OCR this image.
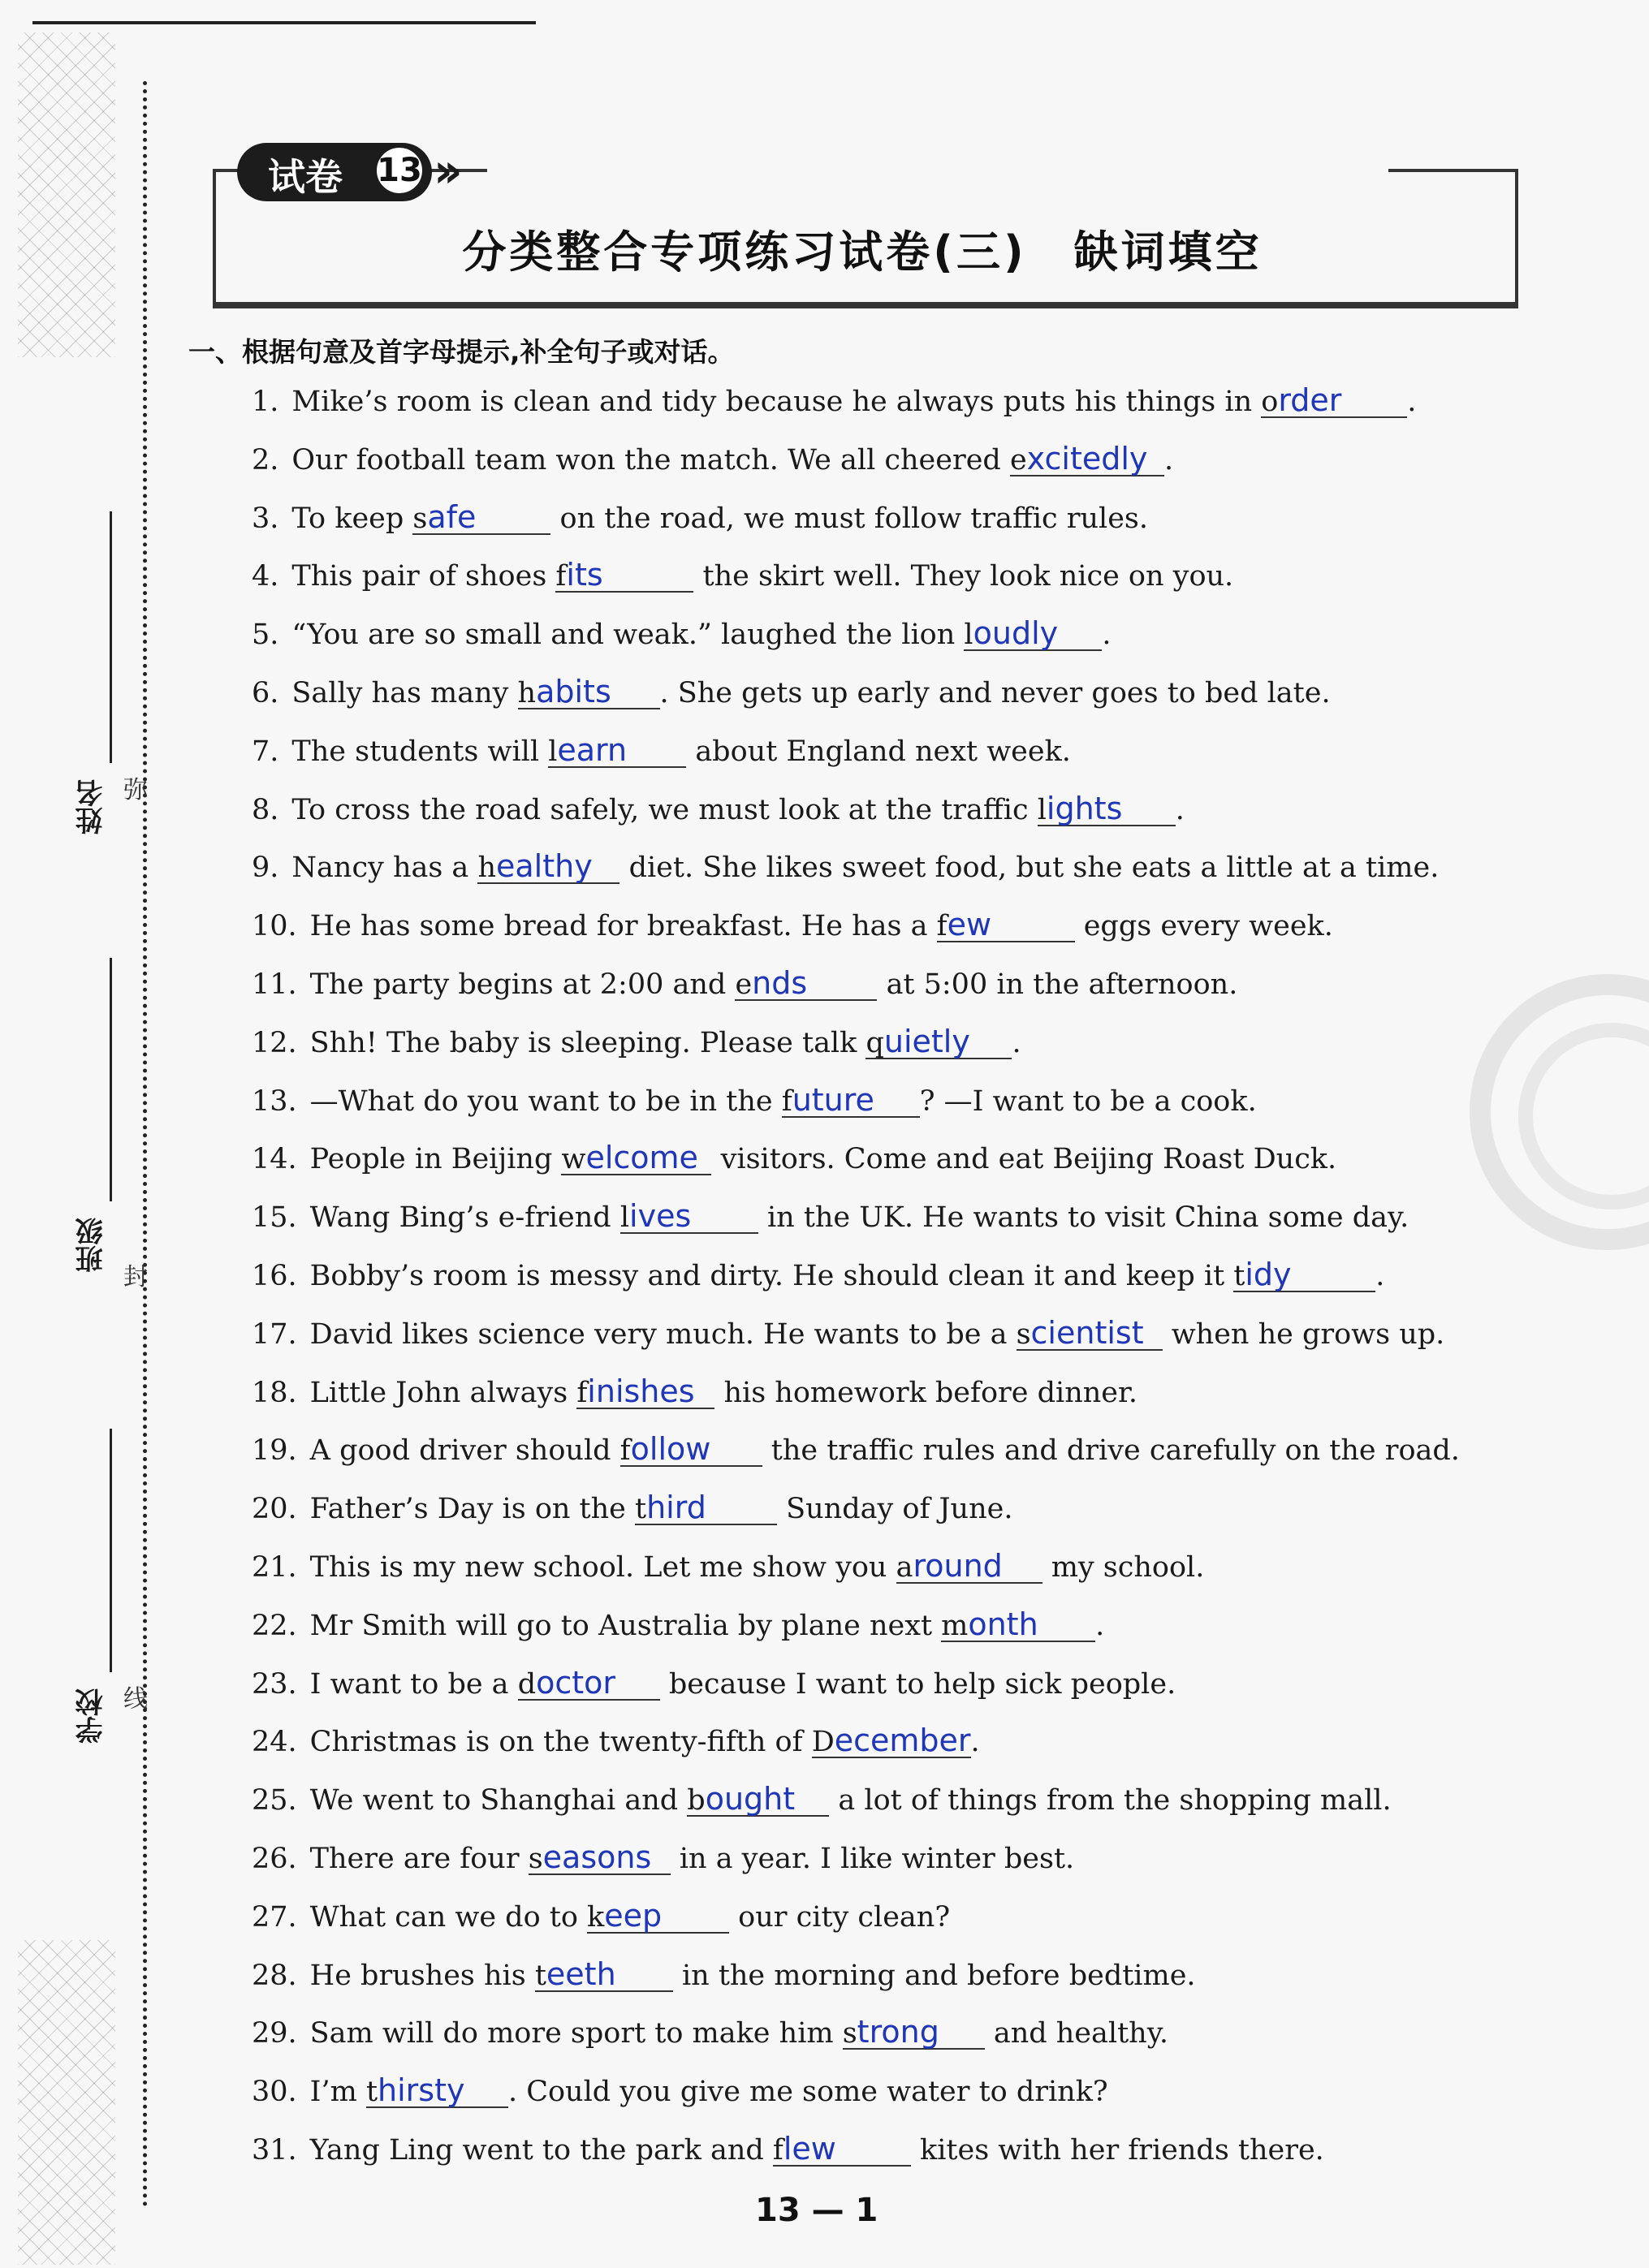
姓名
班级
学校
弥
封
线
试卷 13 ››
分类整合专项练习试卷(三)　缺词填空
一、根据句意及首字母提示,补全句子或对话。
1. Mike’s room is clean and tidy because he always puts his things in order .
2. Our football team won the match. We all cheered excitedly .
3. To keep safe	on the road, we must follow traffic rules.
4. This pair of shoes fits	the skirt well. They look nice on you.
5. “You are so small and weak.” laughed the lion loudly .
6. Sally has many habits . She gets up early and never goes to bed late.
7. The students will learn about England next week.
8. To cross the road safely, we must look at the traffic lights .
9. Nancy has a healthy diet. She likes sweet food, but she eats a little at a time.
10. He has some bread for breakfast. He has a few	eggs every week.
11. The party begins at 2:00 and ends at 5:00 in the afternoon.
12. Shh! The baby is sleeping. Please talk quietly .
13. —What do you want to be in the future ? —I want to be a cook.
14. People in Beijing welcome visitors. Come and eat Beijing Roast Duck.
15. Wang Bing’s e-friend lives in the UK. He wants to visit China some day.
16. Bobby’s room is messy and dirty. He should clean it and keep it tidy	.
17. David likes science very much. He wants to be a scientist when he grows up.
18. Little John always finishes his homework before dinner.
19. A good driver should follow the traffic rules and drive carefully on the road.
20. Father’s Day is on the third Sunday of June.
21. This is my new school. Let me show you around my school.
22. Mr Smith will go to Australia by plane next month .
23. I want to be a doctor because I want to help sick people.
24. Christmas is on the twenty-fifth of December.
25. We went to Shanghai and bought a lot of things from the shopping mall.
26. There are four seasons in a year. I like winter best.
27. What can we do to keep our city clean?
28. He brushes his teeth in the morning and before bedtime.
29. Sam will do more sport to make him strong and healthy.
30. I’m thirsty . Could you give me some water to drink?
31. Yang Ling went to the park and flew	kites with her friends there.
13 — 1
